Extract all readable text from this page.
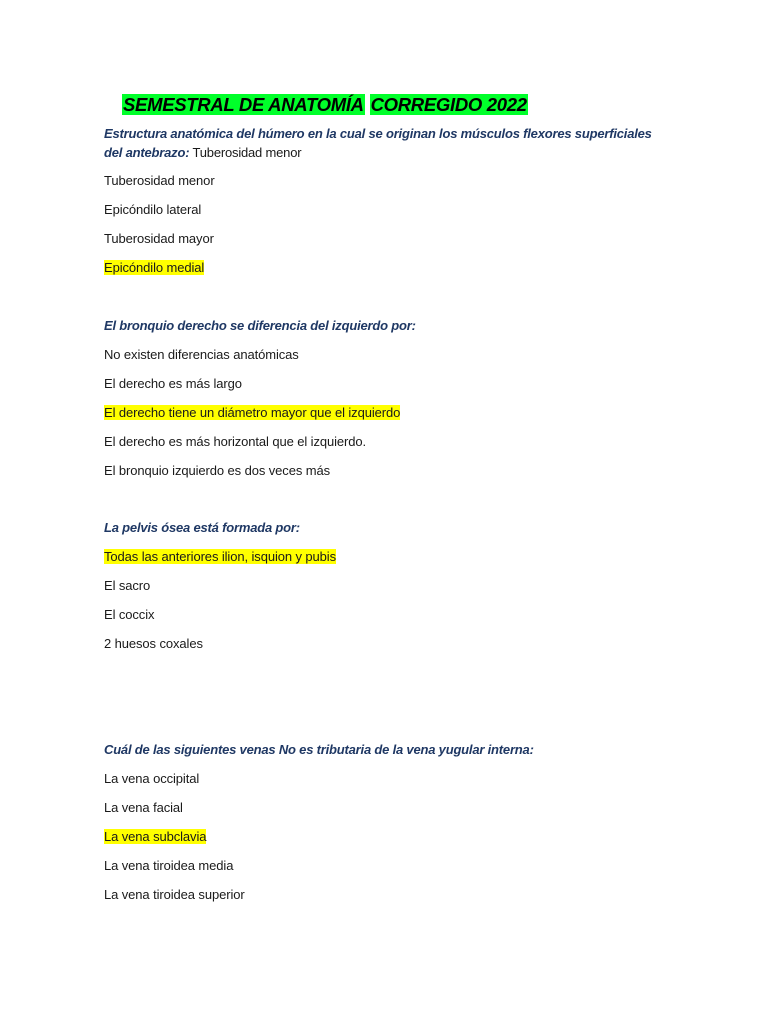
SEMESTRAL DE ANATOMÍA CORREGIDO 2022
Estructura anatómica del húmero en la cual se originan los músculos flexores superficiales del antebrazo: Tuberosidad menor
Tuberosidad menor
Epicóndilo lateral
Tuberosidad mayor
Epicóndilo medial
El bronquio derecho se diferencia del izquierdo por:
No existen diferencias anatómicas
El derecho es más largo
El derecho tiene un diámetro mayor que el izquierdo
El derecho es más horizontal que el izquierdo.
El bronquio izquierdo es dos veces más
La pelvis ósea está formada por:
Todas las anteriores ilion, isquion y pubis
El sacro
El coccix
2 huesos coxales
Cuál de las siguientes venas No es tributaria de la vena yugular interna:
La vena occipital
La vena facial
La vena subclavia
La vena tiroidea media
La vena tiroidea superior
